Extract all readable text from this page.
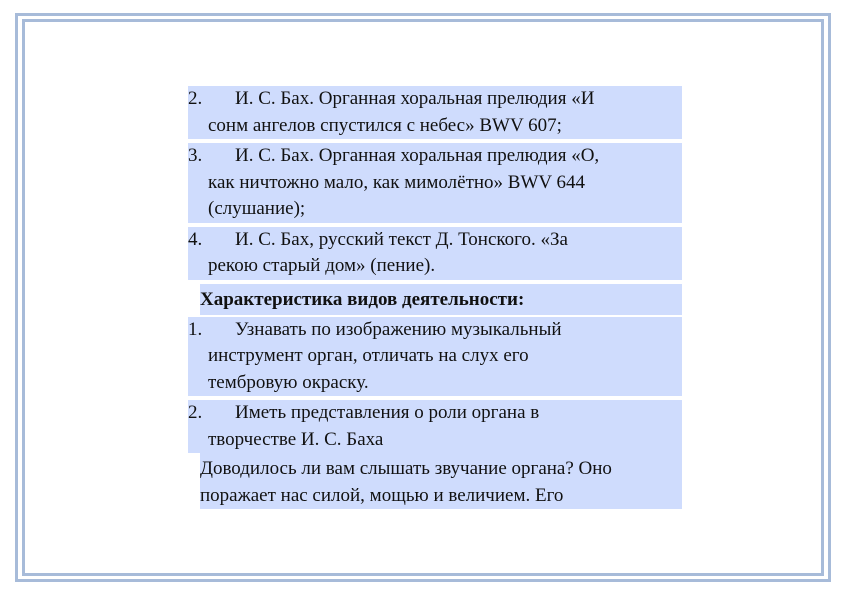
2. И. С. Бах. Органная хоральная прелюдия «И
сонм ангелов спустился с небес» BWV 607;
3. И. С. Бах. Органная хоральная прелюдия «О,
как ничтожно мало, как мимолётно» BWV 644
(слушание);
4. И. С. Бах, русский текст Д. Тонского. «За
рекою старый дом» (пение).
Характеристика видов деятельности:
1. Узнавать по изображению музыкальный
инструмент орган, отличать на слух его
тембровую окраску.
2. Иметь представления о роли органа в
творчестве И. С. Баха
Доводилось ли вам слышать звучание органа? Оно
поражает нас силой, мощью и величием. Его
